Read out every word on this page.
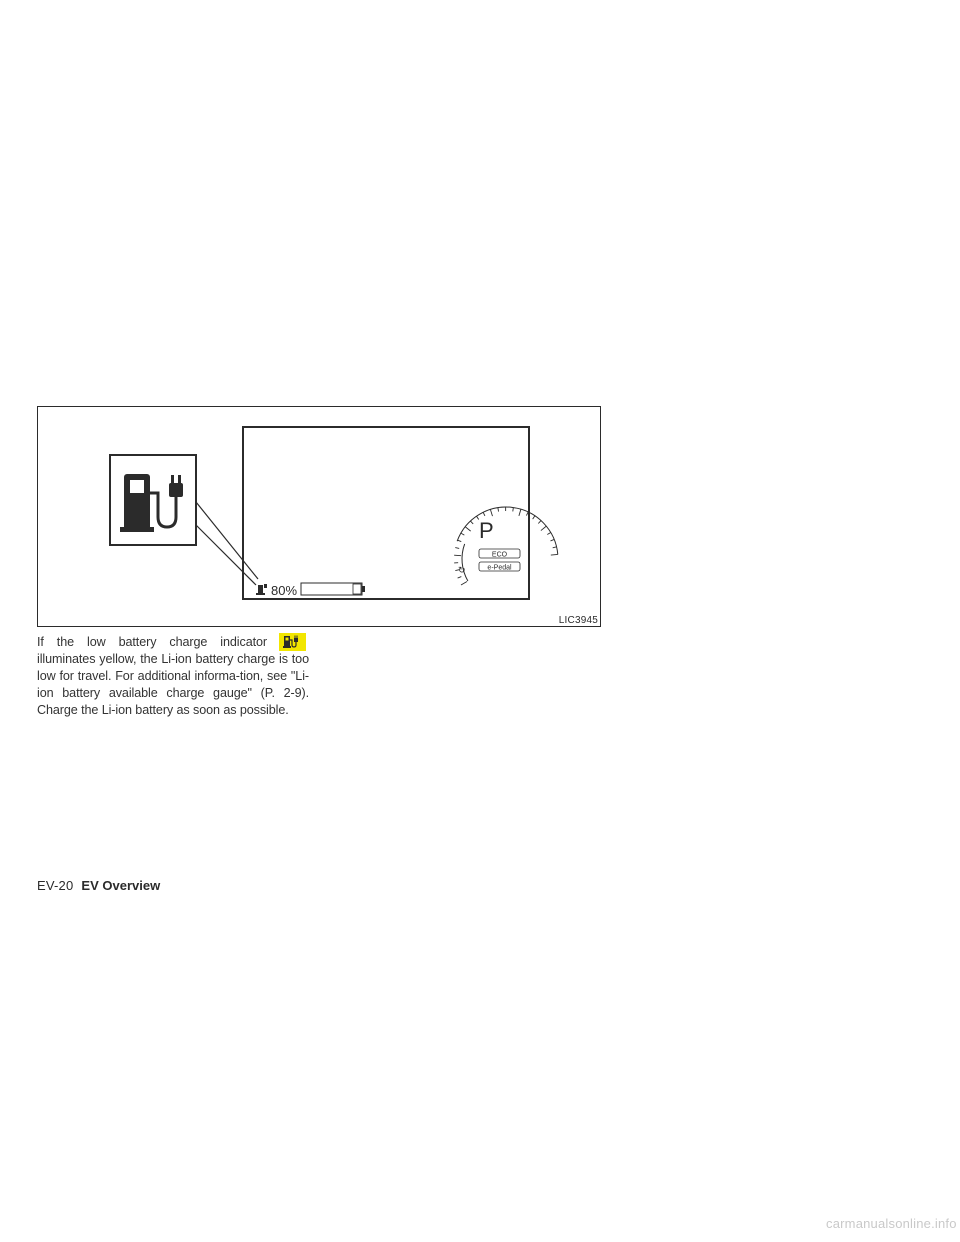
80%
P
ECO
e-Pedal
↻
LIC3945
If the low battery charge indicator
illuminates yellow, the Li-ion battery charge is too low for travel. For additional informa-tion, see "Li-ion battery available charge gauge" (P. 2-9). Charge the Li-ion battery as soon as possible.
EV-20 EV Overview
carmanualsonline.info
